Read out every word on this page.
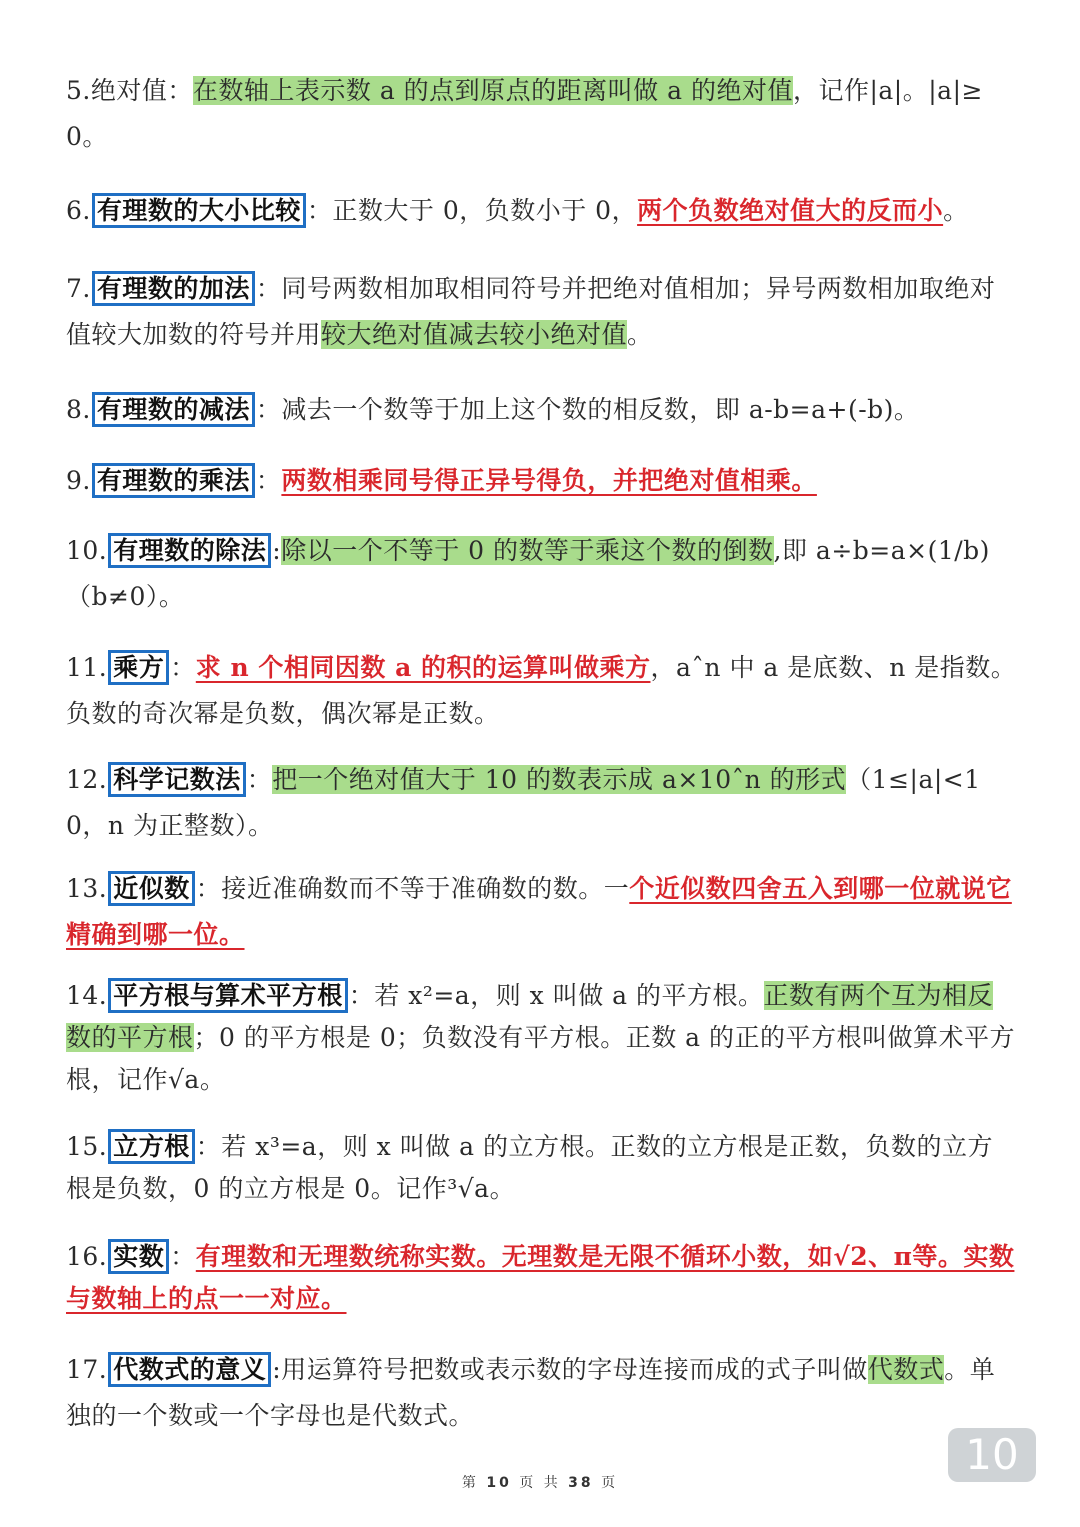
5.绝对值：在数轴上表示数 a 的点到原点的距离叫做 a 的绝对值，记作|a|。|a|≥0。

6. 有理数的大小比较 ：正数大于 0，负数小于 0，两个负数绝对值大的反而小。

7. 有理数的加法 ：同号两数相加取相同符号并把绝对值相加；异号两数相加取绝对值较大加数的符号并用较大绝对值减去较小绝对值。

8. 有理数的减法 ：减去一个数等于加上这个数的相反数，即 a-b=a+(-b)。

9. 有理数的乘法 ：两数相乘同号得正异号得负，并把绝对值相乘。

10. 有理数的除法 :除以一个不等于 0 的数等于乘这个数的倒数,即 a÷b=a×(1/b)（b≠0）。

11. 乘方 ：求 n 个相同因数 a 的积的运算叫做乘方，aˆn 中 a 是底数、n 是指数。负数的奇次幂是负数，偶次幂是正数。

12. 科学记数法 ：把一个绝对值大于 10 的数表示成 a×10ˆn 的形式（1≤|a|<10，n 为正整数）。

13. 近似数 ：接近准确数而不等于准确数的数。一个近似数四舍五入到哪一位就说它精确到哪一位。

14. 平方根与算术平方根 ：若 x²=a，则 x 叫做 a 的平方根。正数有两个互为相反数的平方根；0 的平方根是 0；负数没有平方根。正数 a 的正的平方根叫做算术平方根，记作√a。

15. 立方根 ：若 x³=a，则 x 叫做 a 的立方根。正数的立方根是正数，负数的立方根是负数，0 的立方根是 0。记作³√a。

16. 实数 ：有理数和无理数统称实数。无理数是无限不循环小数，如√2、π等。实数与数轴上的点一一对应。

17. 代数式的意义 :用运算符号把数或表示数的字母连接而成的式子叫做代数式。单独的一个数或一个字母也是代数式。

10
第 10 页 共 38 页
